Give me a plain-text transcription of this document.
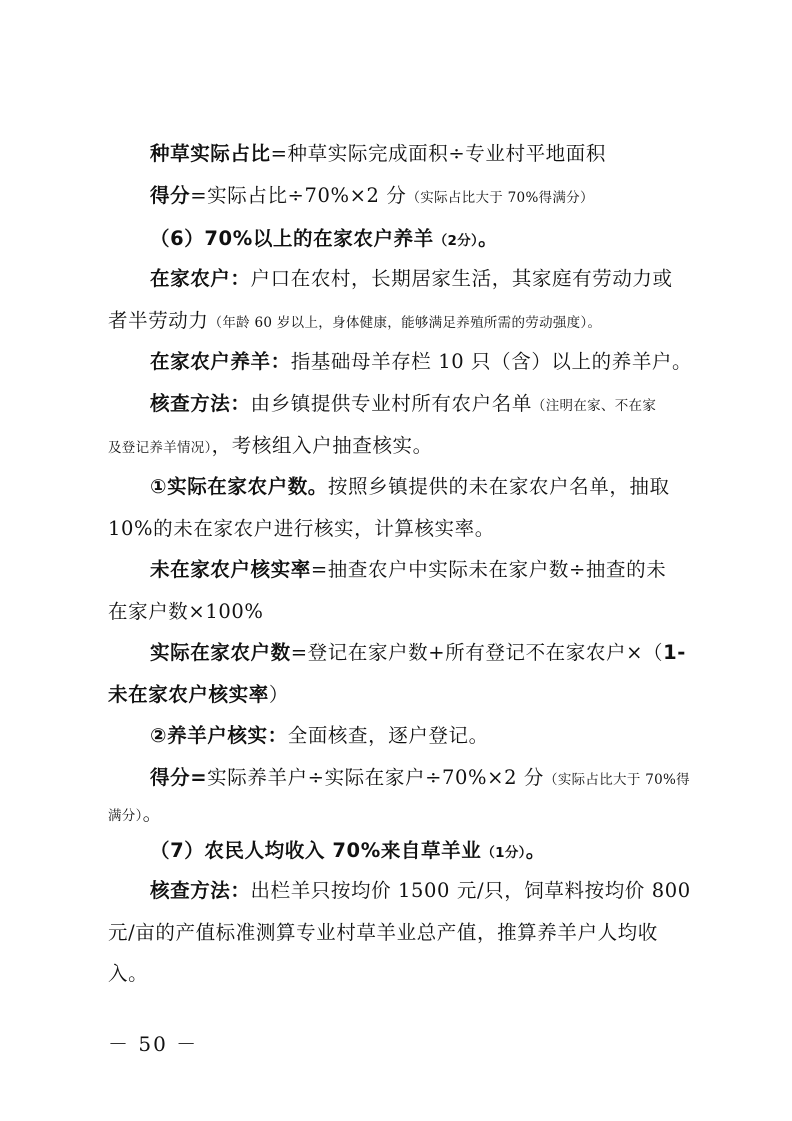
种草实际占比=种草实际完成面积÷专业村平地面积
得分=实际占比÷70%×2 分（实际占比大于 70%得满分）
（6）70%以上的在家农户养羊（2分）。
在家农户：户口在农村，长期居家生活，其家庭有劳动力或
者半劳动力（年龄 60 岁以上，身体健康，能够满足养殖所需的劳动强度）。
在家农户养羊：指基础母羊存栏 10 只（含）以上的养羊户。
核查方法：由乡镇提供专业村所有农户名单（注明在家、不在家
及登记养羊情况），考核组入户抽查核实。
①实际在家农户数。按照乡镇提供的未在家农户名单，抽取
10%的未在家农户进行核实，计算核实率。
未在家农户核实率=抽查农户中实际未在家户数÷抽查的未
在家户数×100%
实际在家农户数=登记在家户数+所有登记不在家农户×（1-
未在家农户核实率）
②养羊户核实：全面核查，逐户登记。
得分=实际养羊户÷实际在家户÷70%×2 分（实际占比大于 70%得
满分）。
（7）农民人均收入 70%来自草羊业（1分）。
核查方法：出栏羊只按均价 1500 元/只，饲草料按均价 800
元/亩的产值标准测算专业村草羊业总产值，推算养羊户人均收
入。
－ 50 －
